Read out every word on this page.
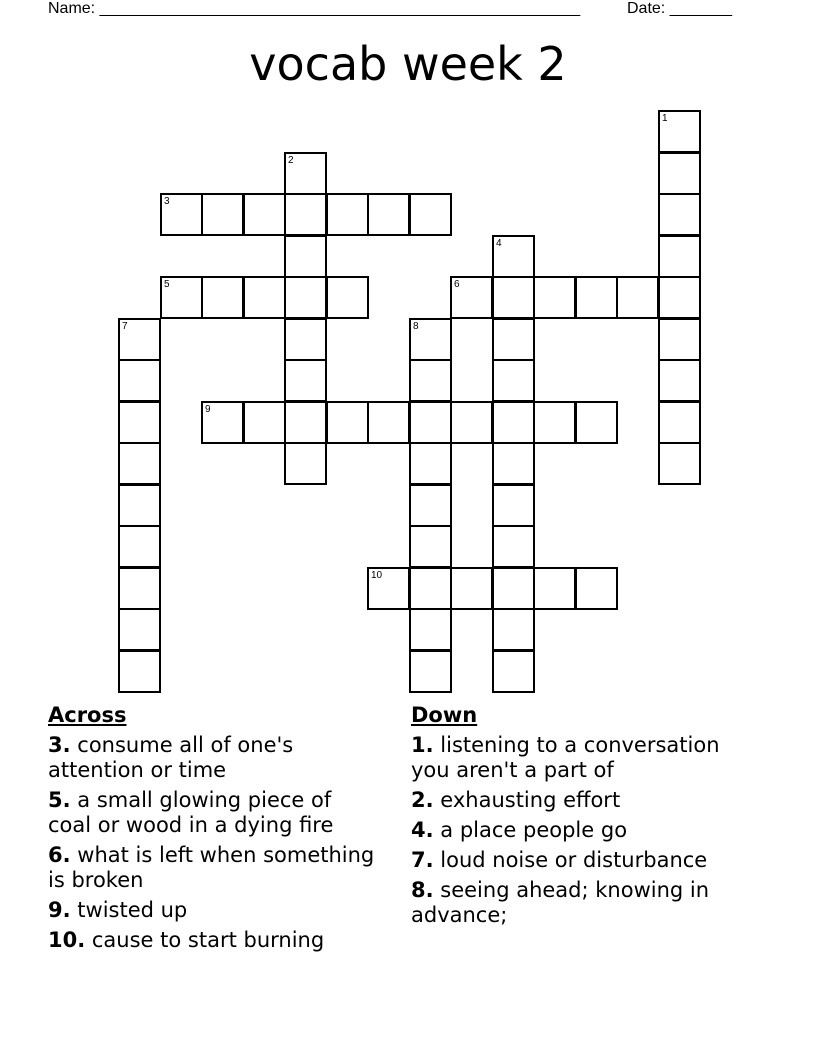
Name: ______________________________________________________	Date: _______
vocab week 2
1
2
3
4
5	6
7	8
9
10
Across
3. consume all of one's attention or time
5. a small glowing piece of coal or wood in a dying fire
6. what is left when something is broken
9. twisted up
10. cause to start burning
Down
1. listening to a conversation you aren't a part of
2. exhausting effort
4. a place people go
7. loud noise or disturbance
8. seeing ahead; knowing in advance;
